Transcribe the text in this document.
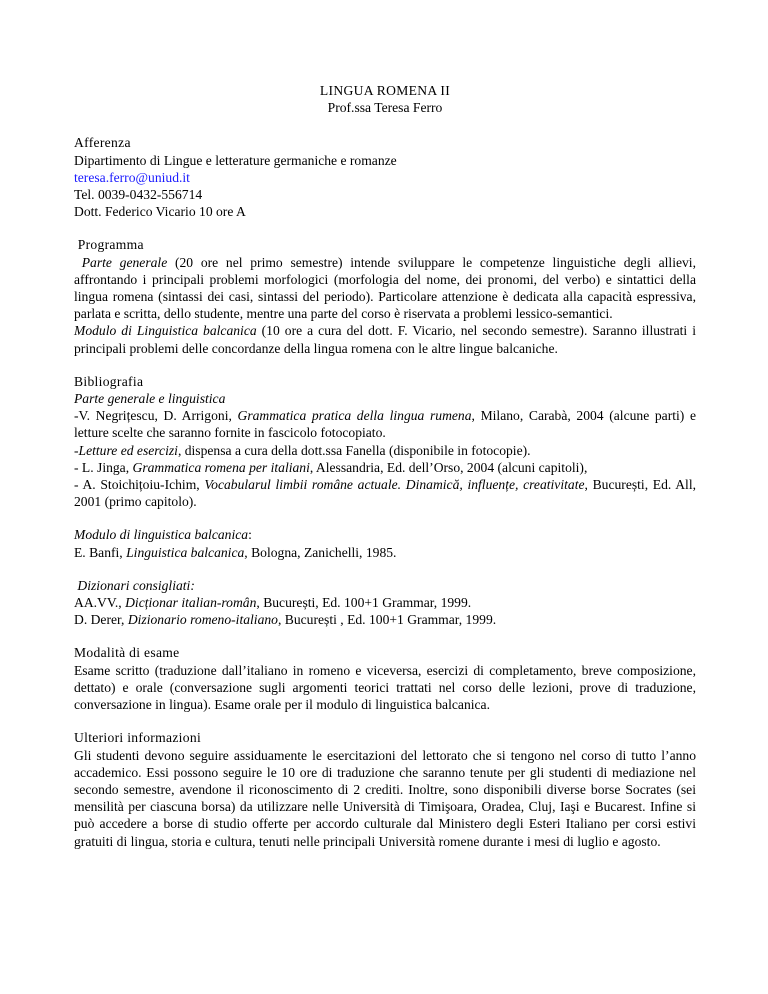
LINGUA ROMENA II
Prof.ssa Teresa Ferro

Afferenza

Dipartimento di Lingue e letterature germaniche e romanze

teresa.ferro@uniud.it

Tel. 0039-0432-556714

Dott. Federico Vicario 10 ore A

Programma

Parte generale (20 ore nel primo semestre) intende sviluppare le competenze linguistiche degli allievi, affrontando i principali problemi morfologici (morfologia del nome, dei pronomi, del verbo) e sintattici della lingua romena (sintassi dei casi, sintassi del periodo). Particolare attenzione è dedicata alla capacità espressiva, parlata e scritta, dello studente, mentre una parte del corso è riservata a problemi lessico-semantici.

Modulo di Linguistica balcanica (10 ore a cura del dott. F. Vicario, nel secondo semestre). Saranno illustrati i principali problemi delle concordanze della lingua romena con le altre lingue balcaniche.

Bibliografia

Parte generale e linguistica

-V. Negrițescu, D. Arrigoni, Grammatica pratica della lingua rumena, Milano, Carabà, 2004 (alcune parti) e letture scelte che saranno fornite in fascicolo fotocopiato.

-Letture ed esercizi, dispensa a cura della dott.ssa Fanella (disponibile in fotocopie).

- L. Jinga, Grammatica romena per italiani, Alessandria, Ed. dell’Orso, 2004 (alcuni capitoli),

- A. Stoichițoiu-Ichim, Vocabularul limbii române actuale. Dinamică, influențe, creativitate, București, Ed. All, 2001 (primo capitolo).

Modulo di linguistica balcanica:

E. Banfi, Linguistica balcanica, Bologna, Zanichelli, 1985.

Dizionari consigliati:

AA.VV., Dicționar italian-român, București, Ed. 100+1 Grammar, 1999.

D. Derer, Dizionario romeno-italiano, București , Ed. 100+1 Grammar, 1999.

Modalità di esame

Esame scritto (traduzione dall’italiano in romeno e viceversa, esercizi di completamento, breve composizione, dettato) e orale (conversazione sugli argomenti teorici trattati nel corso delle lezioni, prove di traduzione, conversazione in lingua). Esame orale per il modulo di linguistica balcanica.

Ulteriori informazioni

Gli studenti devono seguire assiduamente le esercitazioni del lettorato che si tengono nel corso di tutto l’anno accademico. Essi possono seguire le 10 ore di traduzione che saranno tenute per gli studenti di mediazione nel secondo semestre, avendone il riconoscimento di 2 crediti. Inoltre, sono disponibili diverse borse Socrates (sei mensilità per ciascuna borsa) da utilizzare nelle Università di Timişoara, Oradea, Cluj, Iaşi e Bucarest. Infine si può accedere a borse di studio offerte per accordo culturale dal Ministero degli Esteri Italiano per corsi estivi gratuiti di lingua, storia e cultura, tenuti nelle principali Università romene durante i mesi di luglio e agosto.
